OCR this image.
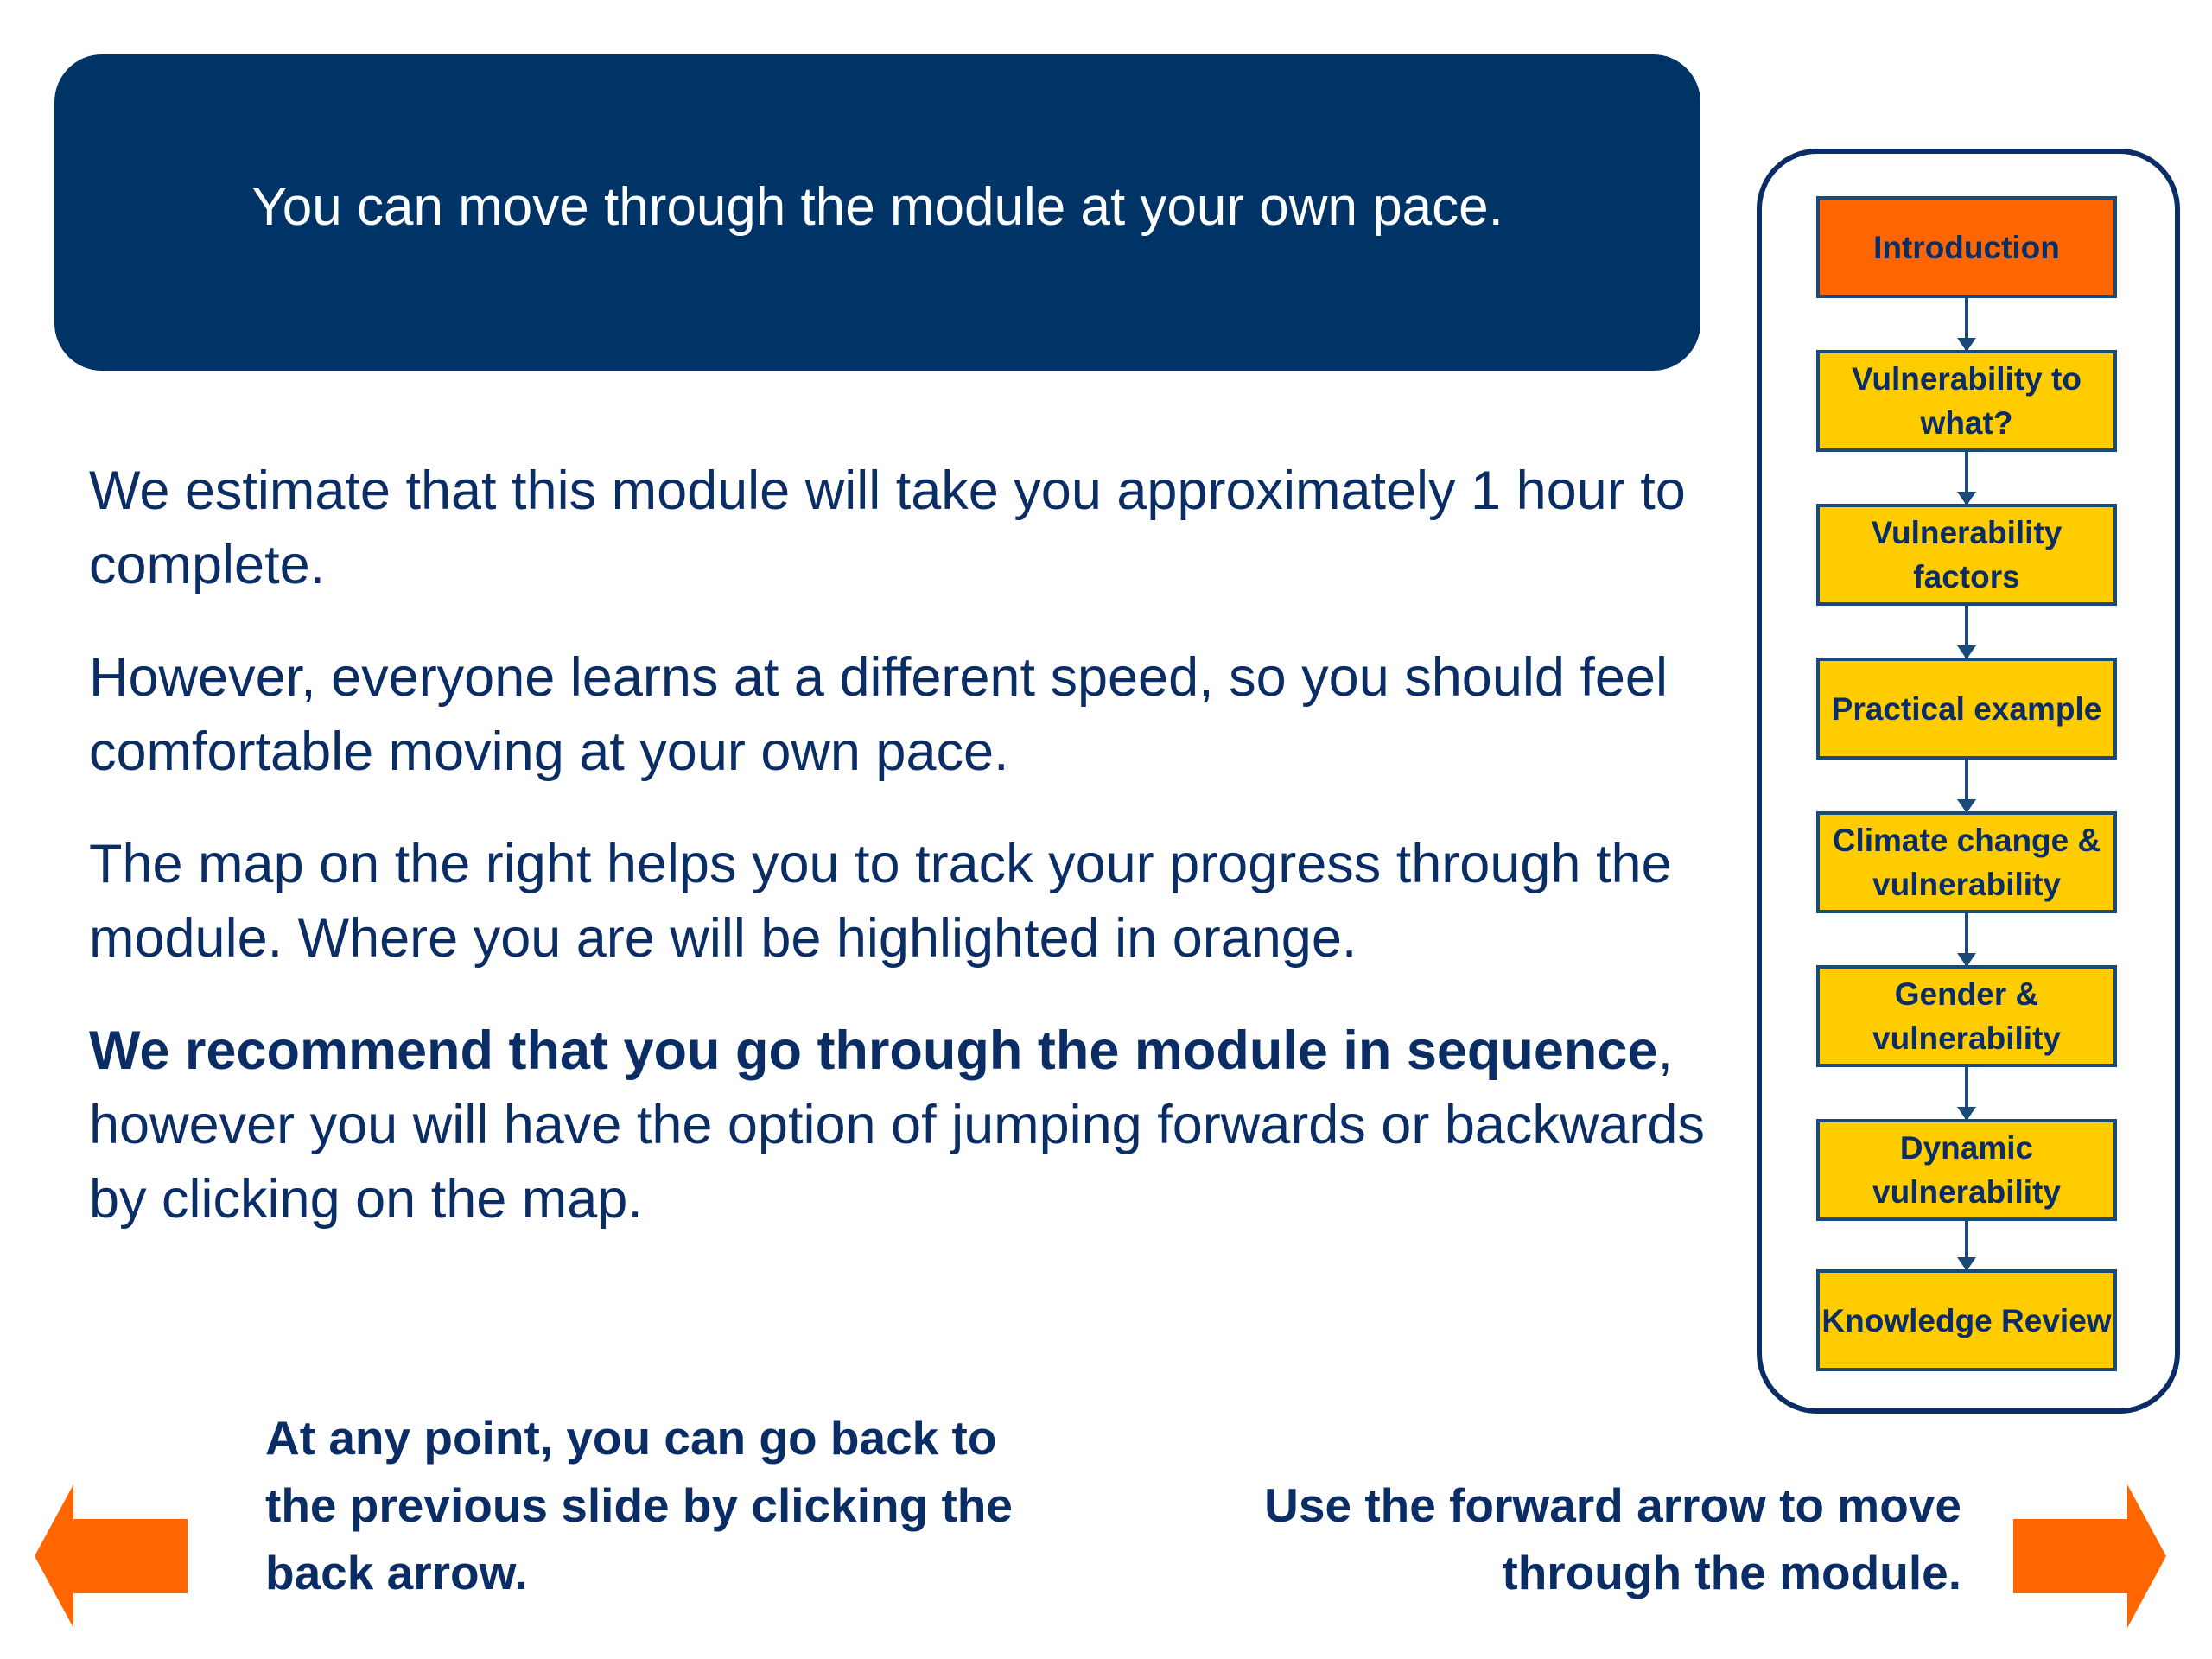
You can move through the module at your own pace.

We estimate that this module will take you approximately 1 hour to complete.

However, everyone learns at a different speed, so you should feel comfortable moving at your own pace.

The map on the right helps you to track your progress through the module. Where you are will be highlighted in orange.

We recommend that you go through the module in sequence, however you will have the option of jumping forwards or backwards by clicking on the map.

Introduction
Vulnerability to what?
Vulnerability factors
Practical example
Climate change & vulnerability
Gender & vulnerability
Dynamic vulnerability
Knowledge Review
At any point, you can go back to the previous slide by clicking the back arrow.
Use the forward arrow to move through the module.
